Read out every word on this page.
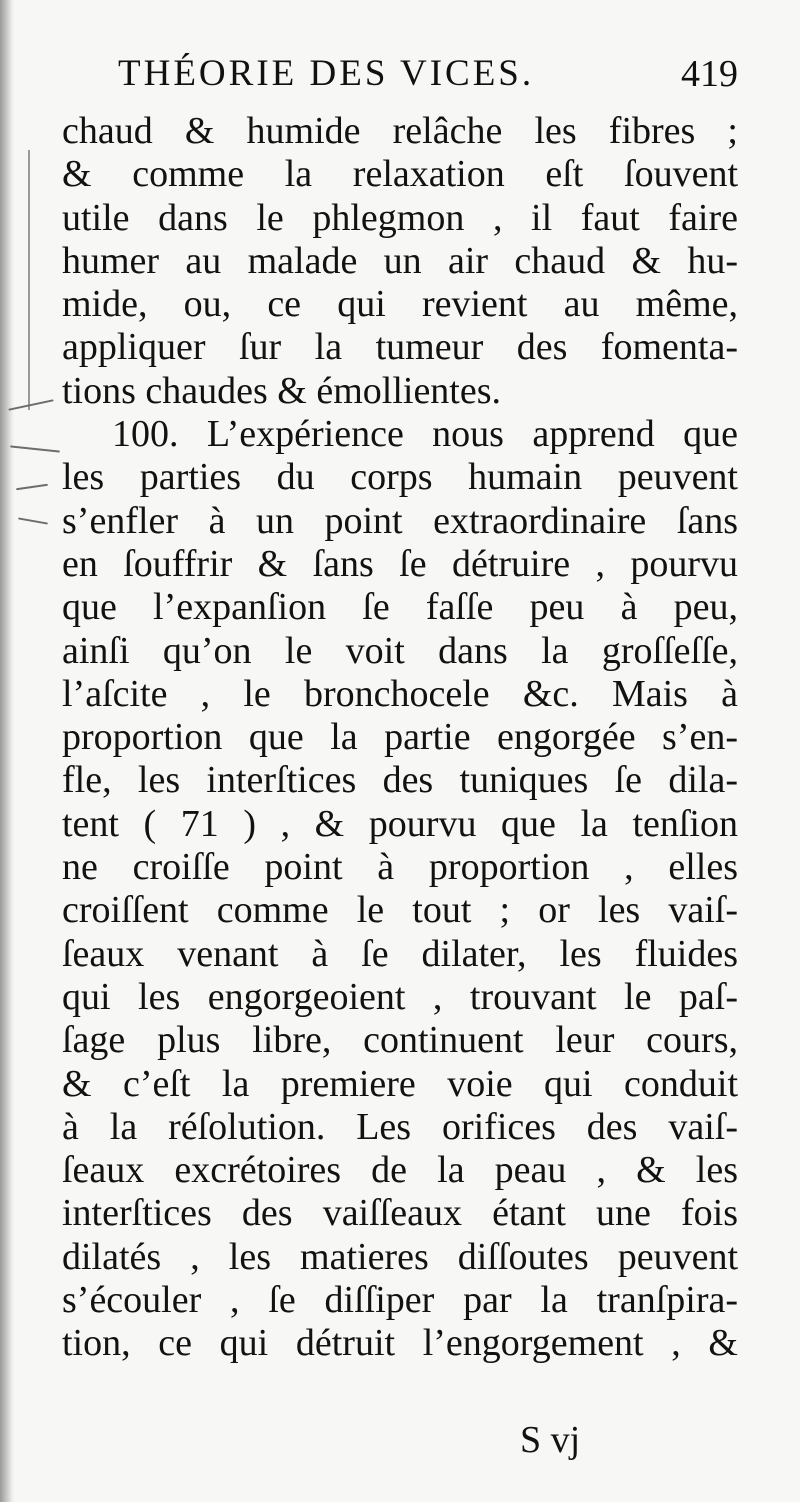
THÉORIE DES VICES.	419
chaud & humide relâche les fibres ;
& comme la relaxation eſt ſouvent
utile dans le phlegmon , il faut faire
humer au malade un air chaud & hu-
mide, ou, ce qui revient au même,
appliquer ſur la tumeur des fomenta-
tions chaudes & émollientes.
100. L’expérience nous apprend que
les parties du corps humain peuvent
s’enfler à un point extraordinaire ſans
en ſouffrir & ſans ſe détruire , pourvu
que l’expanſion ſe faſſe peu à peu,
ainſi qu’on le voit dans la groſſeſſe,
l’aſcite , le bronchocele &c. Mais à
proportion que la partie engorgée s’en-
fle, les interſtices des tuniques ſe dila-
tent ( 71 ) , & pourvu que la tenſion
ne croiſſe point à proportion , elles
croiſſent comme le tout ; or les vaiſ-
ſeaux venant à ſe dilater, les fluides
qui les engorgeoient , trouvant le paſ-
ſage plus libre, continuent leur cours,
& c’eſt la premiere voie qui conduit
à la réſolution. Les orifices des vaiſ-
ſeaux excrétoires de la peau , & les
interſtices des vaiſſeaux étant une fois
dilatés , les matieres diſſoutes peuvent
s’écouler , ſe diſſiper par la tranſpira-
tion, ce qui détruit l’engorgement , &
S vj
